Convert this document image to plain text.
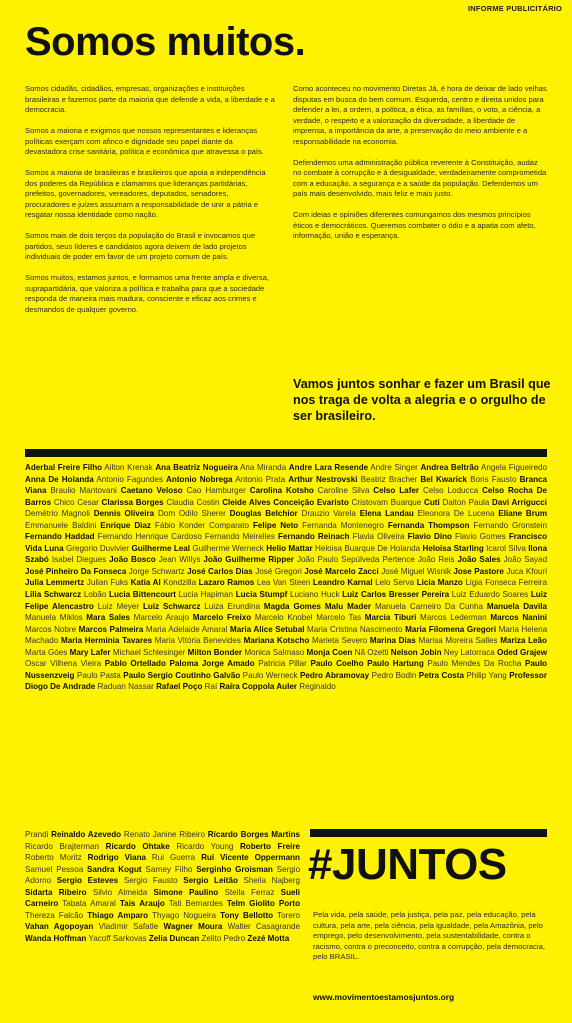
INFORME PUBLICITÁRIO
Somos muitos.

Somos cidadãs, cidadãos, empresas, organizações e instituições brasileiras e fazemos parte da maioria que defende a vida, a liberdade e a democracia.

Somos a maioria e exigimos que nossos representantes e lideranças políticas exerçam com afinco e dignidade seu papel diante da devastadora crise sanitária, política e econômica que atravessa o país.

Somos a maioria de brasileiras e brasileiros que apoia a independência dos poderes da República e clamamos que lideranças partidárias, prefeitos, governadores, vereadores, deputados, senadores, procuradores e juízes assumam a responsabilidade de unir a pátria e resgatar nossa identidade como nação.

Somos mais de dois terços da população do Brasil e invocamos que partidos, seus líderes e candidatos agora deixem de lado projetos individuais de poder em favor de um projeto comum de país.

Somos muitos, estamos juntos, e formamos uma frente ampla e diversa, suprapartidária, que valoriza a política e trabalha para que a sociedade responda de maneira mais madura, consciente e eficaz aos crimes e desmandos de qualquer governo.

Como aconteceu no movimento Diretas Já, é hora de deixar de lado velhas disputas em busca do bem comum. Esquerda, centro e direita unidos para defender a lei, a ordem, a política, a ética, as famílias, o voto, a ciência, a verdade, o respeito e a valorização da diversidade, a liberdade de imprensa, a importância da arte, a preservação do meio ambiente e a responsabilidade na economia.

Defendemos uma administração pública reverente à Constituição, audaz no combate à corrupção e à desigualdade, verdadeiramente comprometida com a educação, a segurança e a saúde da população. Defendemos um país mais desenvolvido, mais feliz e mais justo.

Com ideias e opiniões diferentes comungamos dos mesmos princípios éticos e democráticos. Queremos combater o ódio e a apatia com afeto, informação, união e esperança.

Vamos juntos sonhar e fazer um Brasil que nos traga de volta a alegria e o orgulho de ser brasileiro.
Aderbal Freire Filho Ailton Krenak Ana Beatriz Nogueira Ana Miranda Andre Lara Resende Andre Singer Andrea Beltrão Angela Figueiredo Anna De Holanda Antonio Fagundes Antonio Nobrega Antonio Prata Arthur Nestrovski Beatriz Bracher Bel Kwarick Boris Fausto Branca Viana Braulio Mantovani Caetano Veloso Cao Hamburger Carolina Kotsho Caroline Silva Celso Lafer Celso Loducca Celso Rocha De Barros Chico Cesar Clarissa Borges Claudia Costin Cleide Alves Conceição Evaristo Cristovam Buarque Cuti Dalton Paula Davi Arrigucci Demétrio Magnoli Dennis Oliveira Dom Odilo Sherer Douglas Belchior Drauzio Varela Elena Landau Eleonora De Lucena Eliane Brum Emmanuele Baldini Enrique Diaz Fábio Konder Comparato Felipe Neto Fernanda Montenegro Fernanda Thompson Fernando Gronstein Fernando Haddad Fernando Henrique Cardoso Fernando Meirelles Fernando Reinach Flavia Oliveira Flavio Dino Flavio Gomes Francisco Vida Luna Gregorio Duvivier Guilherme Leal Guilherme Werneck Helio Mattar Heloisa Buarque De Holanda Heloisa Starling Icarol Silva Ilona Szabó Isabel Diegues João Bosco Jean Willys João Guilherme Ripper João Paulo Sepúlveda Pertence João Reis João Sales João Sayad José Pinheiro Da Fonseca Jorge Schwartz José Carlos Dias José Gregori José Marcelo Zacci José Miguel Wisnik Jose Pastore Juca Kfouri Julia Lemmertz Julian Fuks Katia Al Kondzilla Lazaro Ramos Lea Van Steen Leandro Karnal Lelo Serva Licia Manzo Ligia Fonseca Ferreira Lilia Schwarcz Lobão Lucia Bittencourt Lucia Hapiman Lucia Stumpf Luciano Huck Luiz Carlos Bresser Pereira Luiz Eduardo Soares Luiz Felipe Alencastro Luiz Meyer Luiz Schwarcz Luiza Erundina Magda Gomes Malu Mader Manuela Carneiro Da Cunha Manuela Davila Manuela Miklos Mara Sales Marcelo Araujo Marcelo Freixo Marcelo Knobel Marcelo Tas Marcia Tiburi Marcos Lederman Marcos Nanini Marcos Nobre Marcos Palmeira Maria Adelaide Amaral Maria Alice Setubal Maria Cristina Nascimento Maria Filomena Gregori Maria Helena Machado Maria Herminia Tavares Maria Vitória Benevides Mariana Kotscho Marieta Severo Marina Dias Marisa Moreira Salles Mariza Leão Marta Góes Mary Lafer Michael Schlesinger Milton Bonder Monica Salmaso Monja Coen Nã Ozetti Nelson Jobin Ney Latorraca Oded Grajew Oscar Vilhena Vieira Pablo Ortellado Paloma Jorge Amado Patricia Pillar Paulo Coelho Paulo Hartung Paulo Mendes Da Rocha Paulo Nussenzveig Paulo Pasta Paulo Sergio Coutinho Galvão Paulo Werneck Pedro Abramovay Pedro Bodin Petra Costa Philip Yang Professor Diogo De Andrade Raduan Nassar Rafael Poço Raí Raíra Coppola Auler Reginaldo
Prandi Reinaldo Azevedo Renato Janine Ribeiro Ricardo Borges Martins Ricardo Brajterman Ricardo Ohtake Ricardo Young Roberto Freire Roberto Moritz Rodrigo Viana Rui Guerra Rui Vicente Oppermann Samuel Pessoa Sandra Kogut Sarney Filho Serginho Groisman Sergio Adorno Sergio Esteves Sergio Fausto Sergio Leitão Sheila Najberg Sidarta Ribeiro Silvio Almeida Simone Paulino Stella Ferraz Sueli Carneiro Tabata Amaral Tais Araujo Tati Bernardes Telm Giolito Porto Thereza Falcão Thiago Amparo Thyago Nogueira Tony Bellotto Torero Vahan Agopoyan Vladimir Safatle Wagner Moura Walter Casagrande Wanda Hoffman Yacoff Sarkovas Zelia Duncan Zelito Pedro Zezé Motta
#JUNTOS
Pela vida, pela saúde, pela justiça, pela paz, pela educação, pela cultura, pela arte, pela ciência, pela igualdade, pela Amazônia, pelo emprego, pelo desenvolvimento, pela sustentabilidade, contra o racismo, contra o preconceito, contra a corrupção, pela democracia, pelo BRASIL.
www.movimentoestamosjuntos.org
